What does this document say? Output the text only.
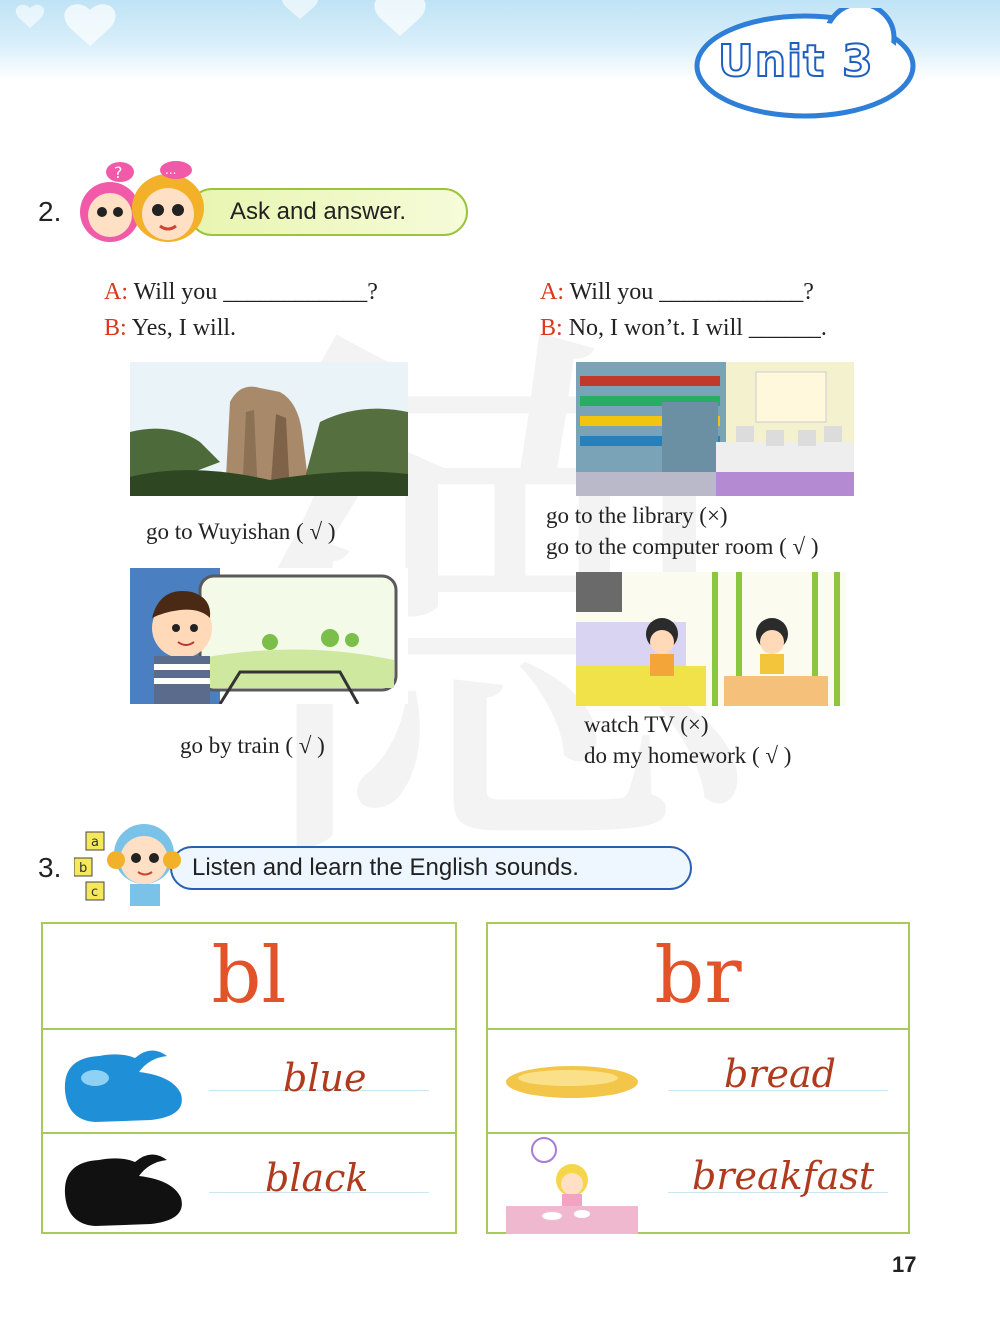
Unit 3
2.	Ask and answer.
?	...
A: Will you ____________?
B: Yes, I will.
A: Will you ____________?
B: No, I won’t. I will ______.
go to Wuyishan ( √ )
go to the library (×)
go to the computer room ( √ )
go by train ( √ )
watch TV (×)
do my homework ( √ )
3.	Listen and learn the English sounds.
a
b
c
bl
blue
black
br
bread
breakfast
17
